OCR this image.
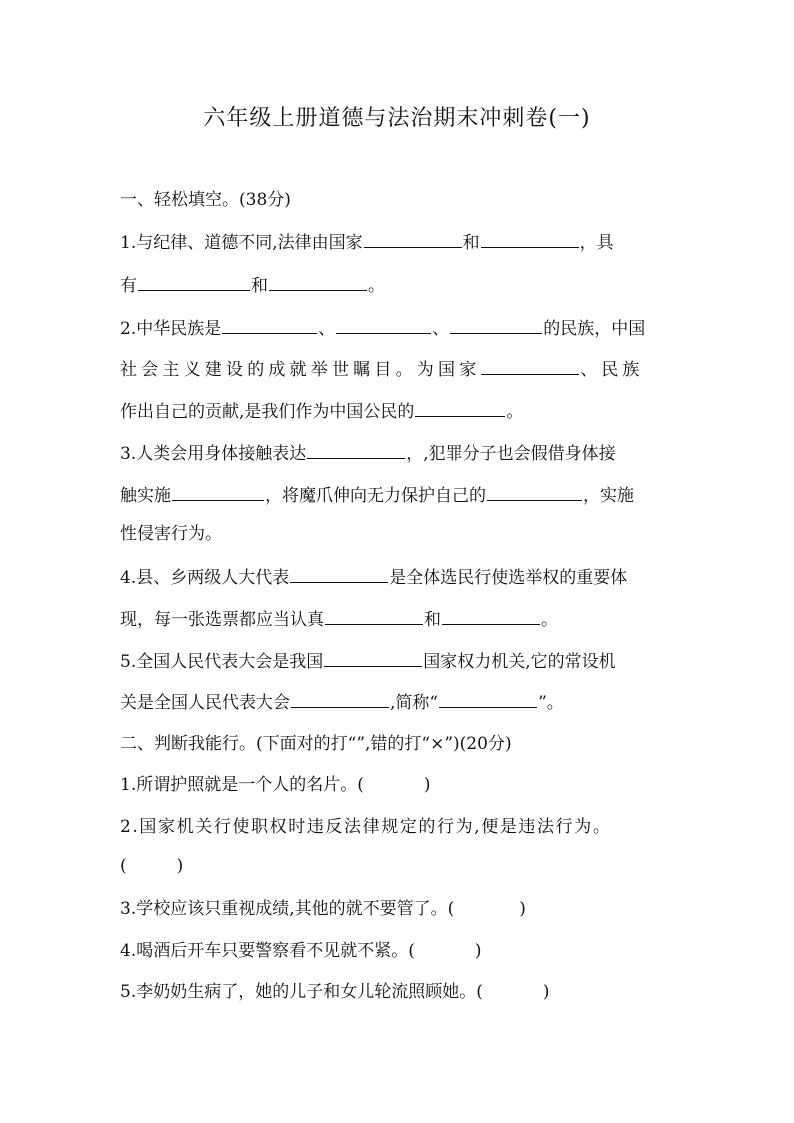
六年级上册道德与法治期末冲刺卷(一)
一、轻松填空。(38分)
1.与纪律、道德不同,法律由国家	和	，具
有	和	。
2.中华民族是	、	、	的民族，中国
社会主义建设的成就举世瞩目。为国家	、民族
作出自己的贡献,是我们作为中国公民的	。
3.人类会用身体接触表达	，,犯罪分子也会假借身体接
触实施	，将魔爪伸向无力保护自己的	，实施
性侵害行为。
4.县、乡两级人大代表	是全体选民行使选举权的重要体
现，每一张选票都应当认真	和	。
5.全国人民代表大会是我国	国家权力机关,它的常设机
关是全国人民代表大会	,简称“	”。
二、判断我能行。(下面对的打“”,错的打“×”)(20分)
1.所谓护照就是一个人的名片。(	)
2.国家机关行使职权时违反法律规定的行为,便是违法行为。
(	)
3.学校应该只重视成绩,其他的就不要管了。(	)
4.喝酒后开车只要警察看不见就不紧。(	)
5.李奶奶生病了，她的儿子和女儿轮流照顾她。(	)
